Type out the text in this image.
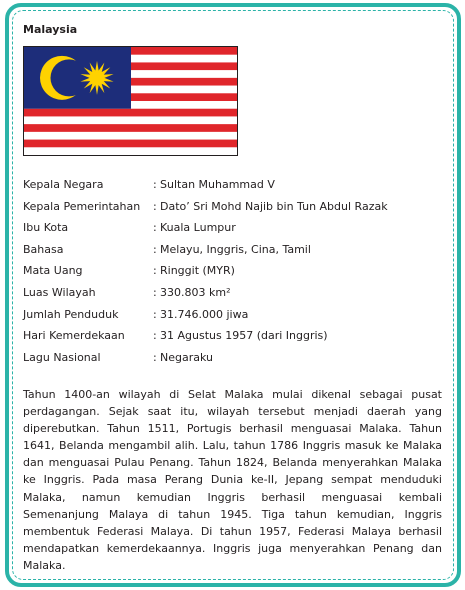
Malaysia
Kepala Negara	: Sultan Muhammad V
Kepala Pemerintahan	: Dato’ Sri Mohd Najib bin Tun Abdul Razak
Ibu Kota	: Kuala Lumpur
Bahasa	: Melayu, Inggris, Cina, Tamil
Mata Uang	: Ringgit (MYR)
Luas Wilayah	: 330.803 km²
Jumlah Penduduk	: 31.746.000 jiwa
Hari Kemerdekaan	: 31 Agustus 1957 (dari Inggris)
Lagu Nasional	: Negaraku
Tahun 1400-an wilayah di Selat Malaka mulai dikenal sebagai pusat perdagangan. Sejak saat itu, wilayah tersebut menjadi daerah yang diperebutkan. Tahun 1511, Portugis berhasil menguasai Malaka. Tahun 1641, Belanda mengambil alih. Lalu, tahun 1786 Inggris masuk ke Malaka dan menguasai Pulau Penang. Tahun 1824, Belanda menyerahkan Malaka ke Inggris. Pada masa Perang Dunia ke-II, Jepang sempat menduduki Malaka, namun kemudian Inggris berhasil menguasai kembali Semenanjung Malaya di tahun 1945. Tiga tahun kemudian, Inggris membentuk Federasi Malaya. Di tahun 1957, Federasi Malaya berhasil mendapatkan kemerdekaannya. Inggris juga menyerahkan Penang dan Malaka.
